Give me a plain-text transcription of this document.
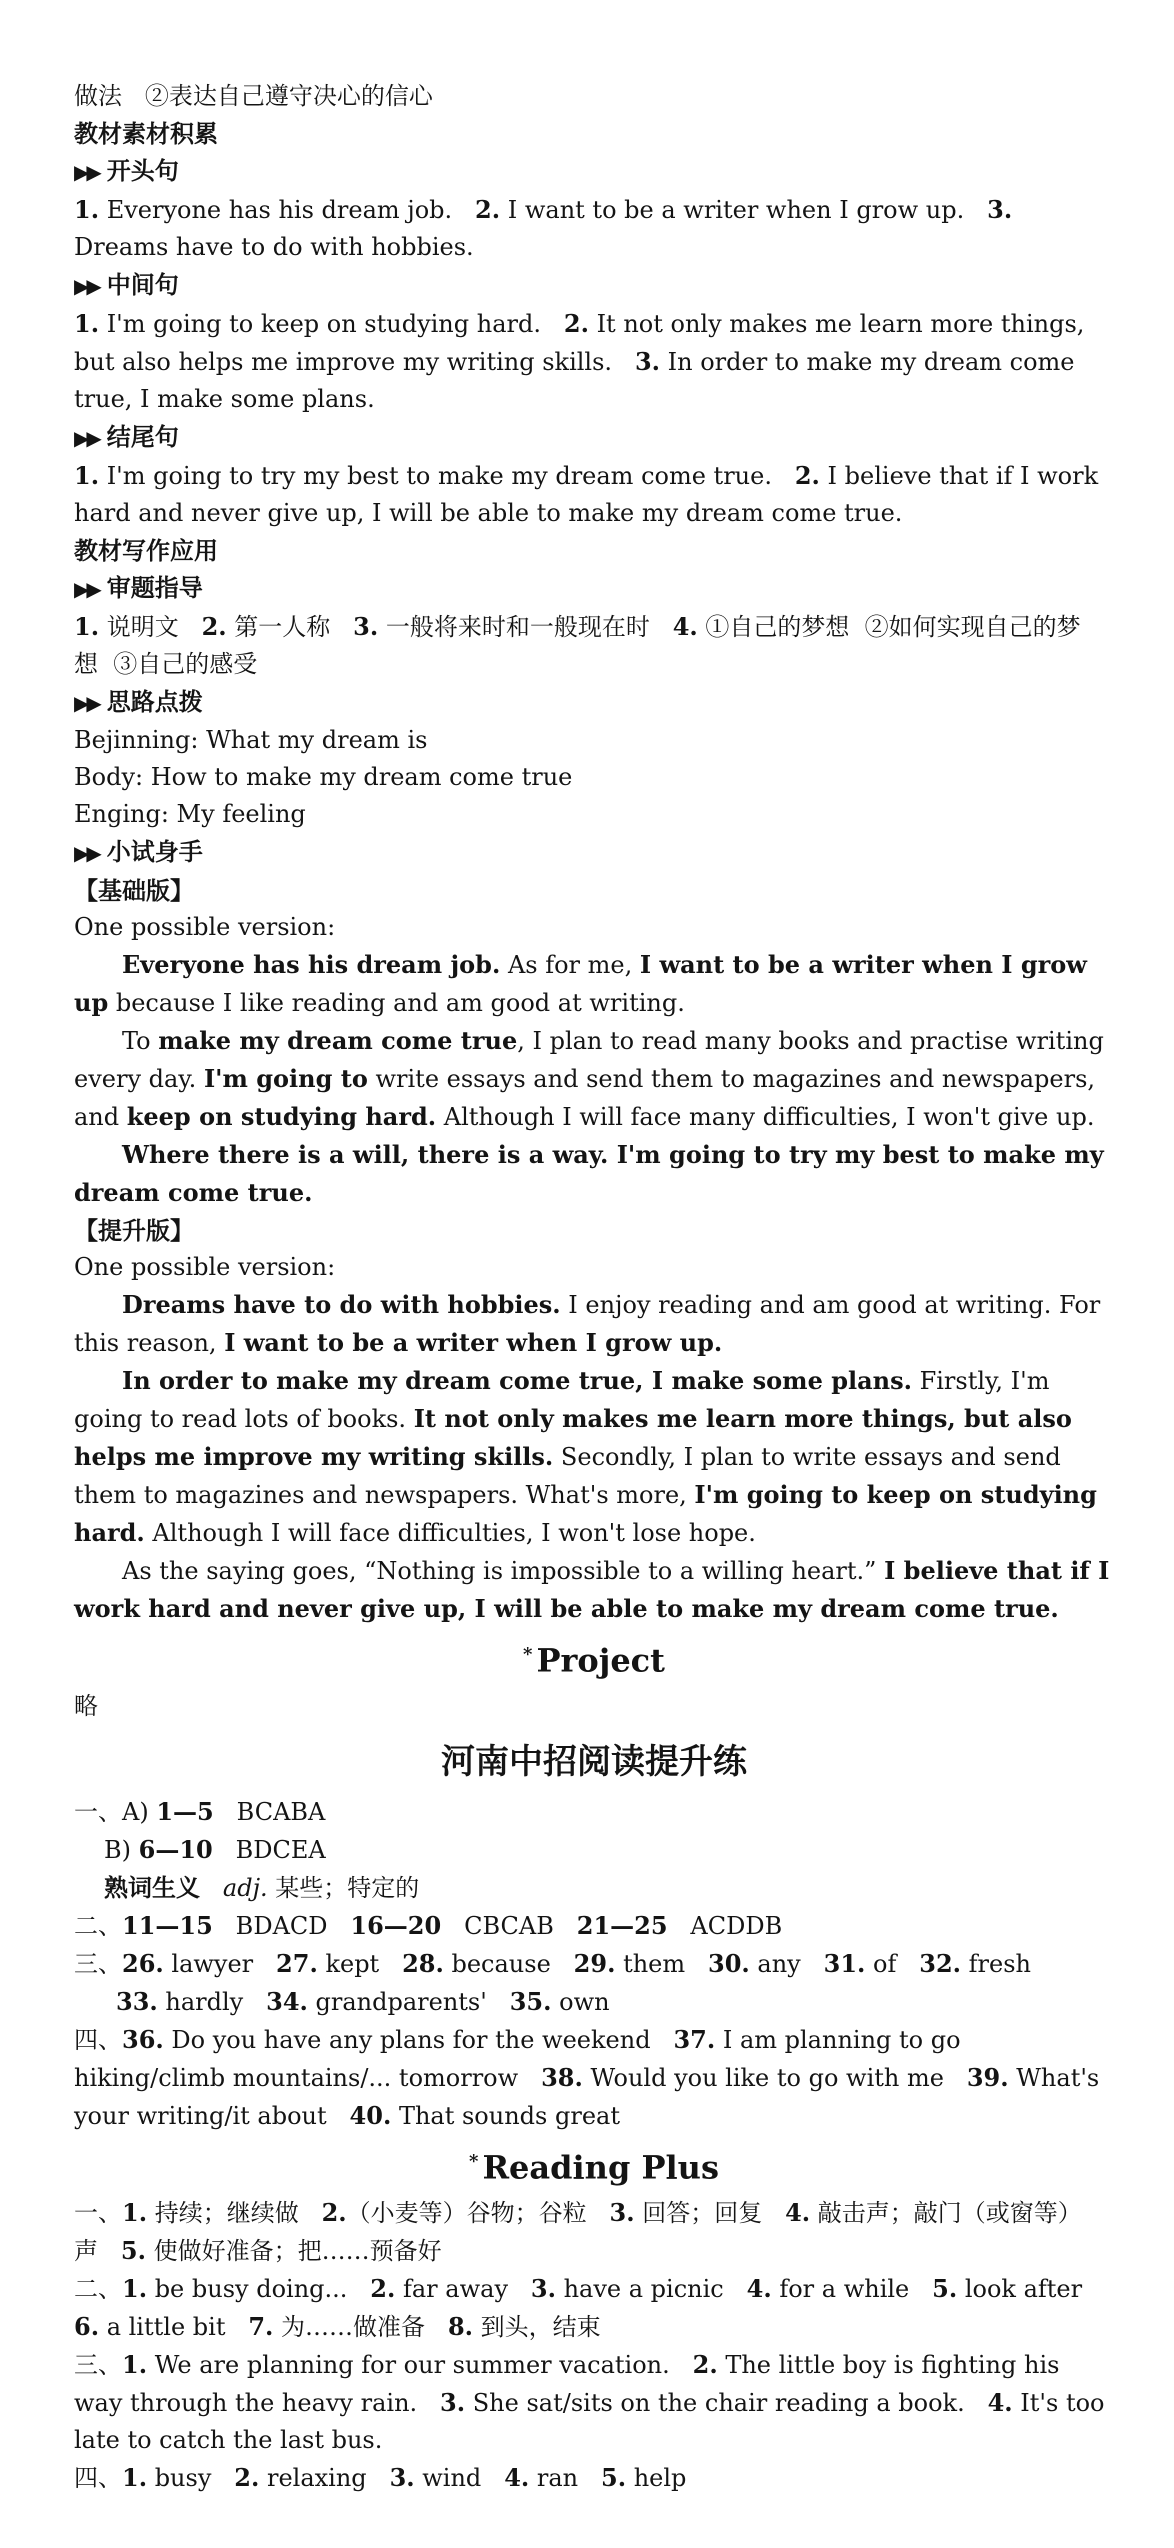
做法 ②表达自己遵守决心的信心

教材素材积累

▶▶ 开头句

1. Everyone has his dream job.   2. I want to be a writer when I grow up.   3. Dreams have to do with hobbies.

▶▶ 中间句

1. I'm going to keep on studying hard.   2. It not only makes me learn more things, but also helps me improve my writing skills.   3. In order to make my dream come true, I make some plans.

▶▶ 结尾句

1. I'm going to try my best to make my dream come true.   2. I believe that if I work hard and never give up, I will be able to make my dream come true.

教材写作应用

▶▶ 审题指导

1. 说明文   2. 第一人称   3. 一般将来时和一般现在时   4. ①自己的梦想  ②如何实现自己的梦想  ③自己的感受

▶▶ 思路点拨

Bejinning: What my dream is

Body: How to make my dream come true

Enging: My feeling

▶▶ 小试身手

【基础版】

One possible version:

Everyone has his dream job. As for me, I want to be a writer when I grow up because I like reading and am good at writing.

To make my dream come true, I plan to read many books and practise writing every day. I'm going to write essays and send them to magazines and newspapers, and keep on studying hard. Although I will face many difficulties, I won't give up.

Where there is a will, there is a way. I'm going to try my best to make my dream come true.

【提升版】

One possible version:

Dreams have to do with hobbies. I enjoy reading and am good at writing. For this reason, I want to be a writer when I grow up.

In order to make my dream come true, I make some plans. Firstly, I'm going to read lots of books. It not only makes me learn more things, but also helps me improve my writing skills. Secondly, I plan to write essays and send them to magazines and newspapers. What's more, I'm going to keep on studying hard. Although I will face difficulties, I won't lose hope.

As the saying goes, “Nothing is impossible to a willing heart.” I believe that if I work hard and never give up, I will be able to make my dream come true.

* Project

略

河南中招阅读提升练

一、A) 1—5   BCABA

B) 6—10   BDCEA

熟词生义 adj. 某些；特定的

二、11—15   BDACD   16—20   CBCAB   21—25   ACDDB

三、26. lawyer   27. kept   28. because   29. them   30. any   31. of   32. fresh

33. hardly   34. grandparents'   35. own

四、36. Do you have any plans for the weekend   37. I am planning to go hiking/climb mountains/... tomorrow   38. Would you like to go with me   39. What's your writing/it about   40. That sounds great

* Reading Plus

一、1. 持续；继续做   2.（小麦等）谷物；谷粒   3. 回答；回复   4. 敲击声；敲门（或窗等）声   5. 使做好准备；把……预备好

二、1. be busy doing...   2. far away   3. have a picnic   4. for a while   5. look after 6. a little bit   7. 为……做准备   8. 到头，结束

三、1. We are planning for our summer vacation.   2. The little boy is fighting his way through the heavy rain.   3. She sat/sits on the chair reading a book.   4. It's too late to catch the last bus.

四、1. busy   2. relaxing   3. wind   4. ran   5. help
